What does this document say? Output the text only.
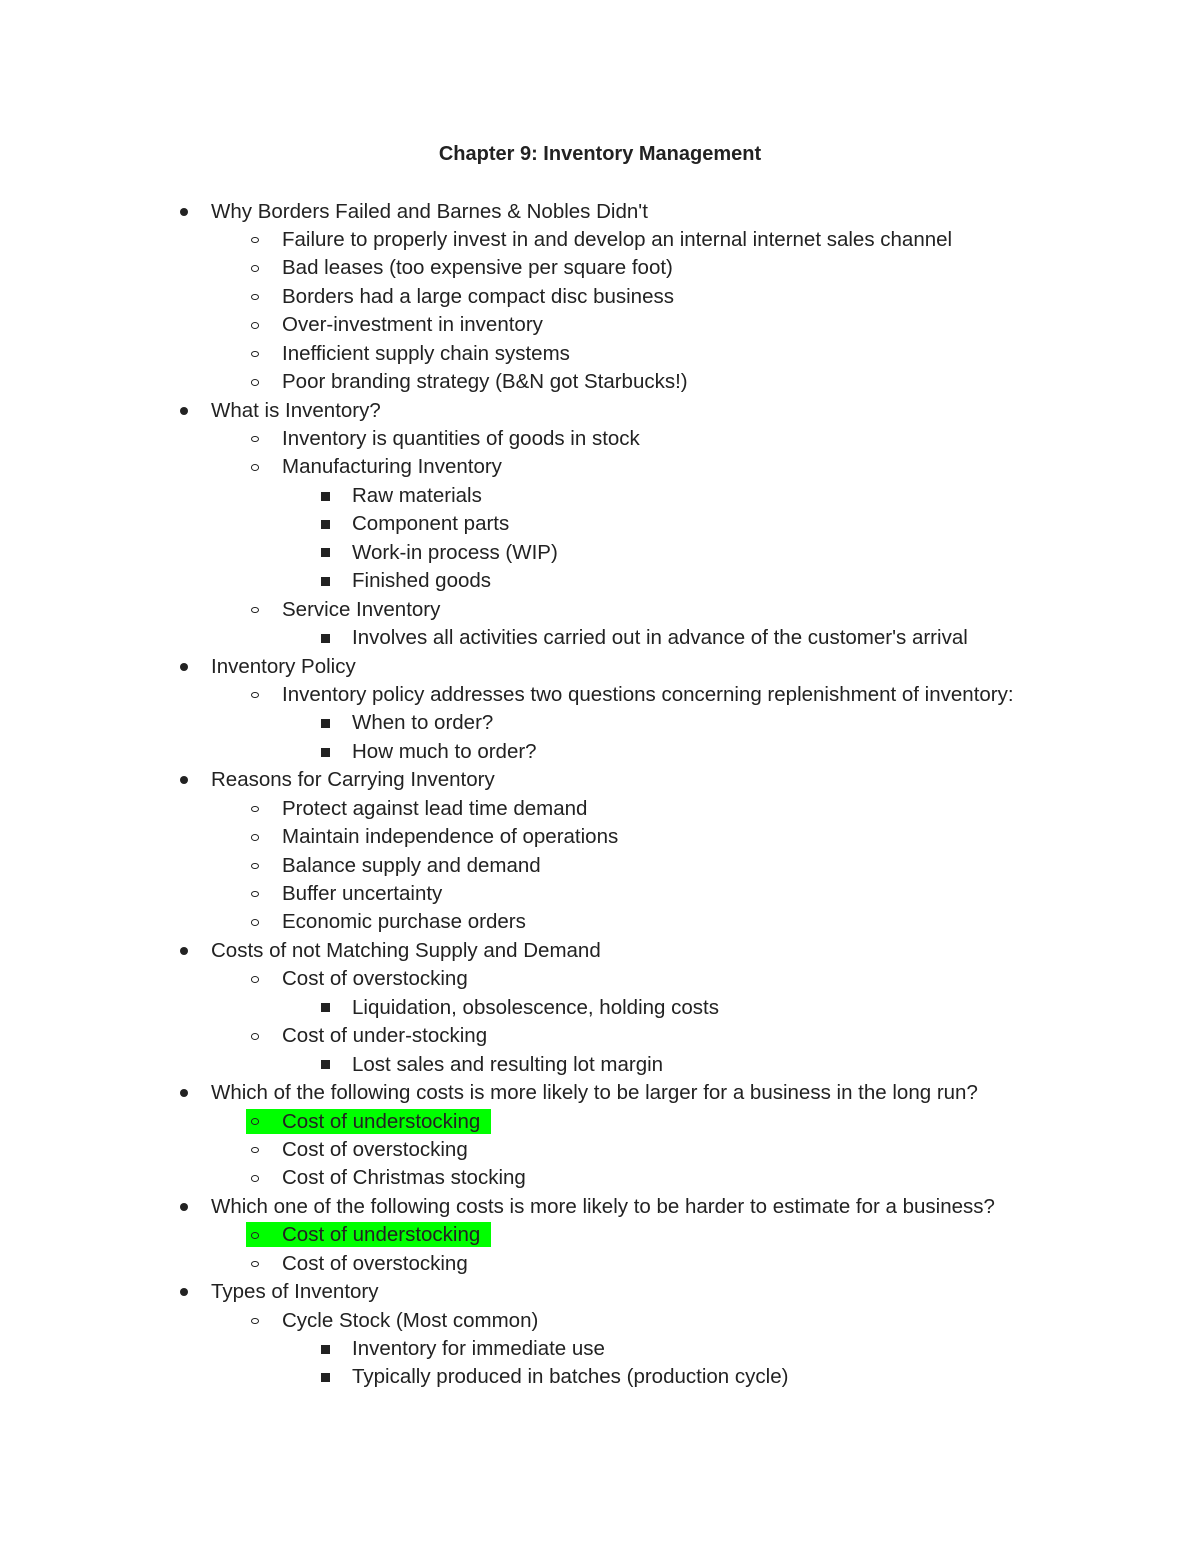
Chapter 9: Inventory Management
Why Borders Failed and Barnes & Nobles Didn't
Failure to properly invest in and develop an internal internet sales channel
Bad leases (too expensive per square foot)
Borders had a large compact disc business
Over-investment in inventory
Inefficient supply chain systems
Poor branding strategy (B&N got Starbucks!)
What is Inventory?
Inventory is quantities of goods in stock
Manufacturing Inventory
Raw materials
Component parts
Work-in process (WIP)
Finished goods
Service Inventory
Involves all activities carried out in advance of the customer's arrival
Inventory Policy
Inventory policy addresses two questions concerning replenishment of inventory:
When to order?
How much to order?
Reasons for Carrying Inventory
Protect against lead time demand
Maintain independence of operations
Balance supply and demand
Buffer uncertainty
Economic purchase orders
Costs of not Matching Supply and Demand
Cost of overstocking
Liquidation, obsolescence, holding costs
Cost of under-stocking
Lost sales and resulting lot margin
Which of the following costs is more likely to be larger for a business in the long run?
Cost of understocking
Cost of overstocking
Cost of Christmas stocking
Which one of the following costs is more likely to be harder to estimate for a business?
Cost of understocking
Cost of overstocking
Types of Inventory
Cycle Stock (Most common)
Inventory for immediate use
Typically produced in batches (production cycle)
